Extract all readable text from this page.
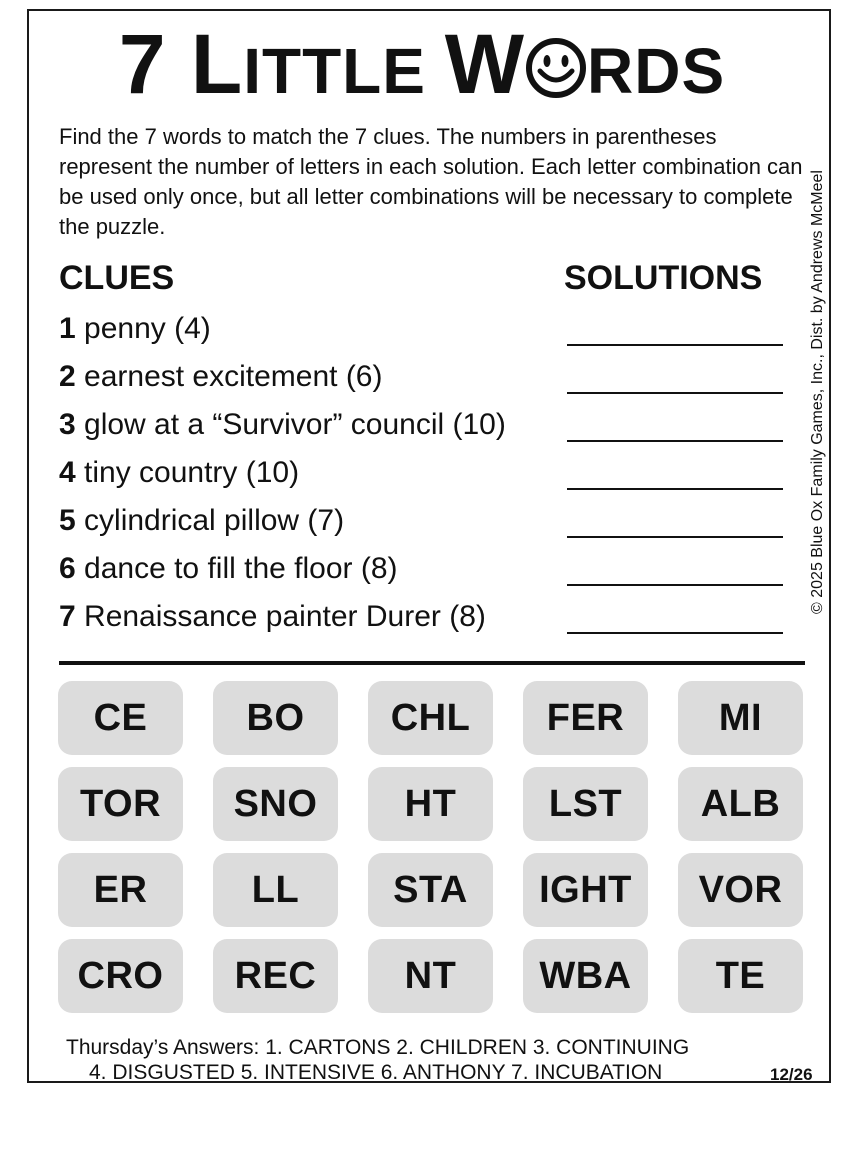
7 LITTLE W RDS

Find the 7 words to match the 7 clues. The numbers in parentheses represent the number of letters in each solution. Each letter combination can be used only once, but all letter combinations will be necessary to complete the puzzle.	© 2025 Blue Ox Family Games, Inc., Dist. by Andrews McMeel
CLUES	SOLUTIONS
1 penny (4)
2 earnest excitement (6)
3 glow at a “Survivor” council (10)
4 tiny country (10)
5 cylindrical pillow (7)
6 dance to fill the floor (8)
7 Renaissance painter Durer (8)
CE	BO	CHL	FER	MI
TOR	SNO	HT	LST	ALB
ER	LL	STA	IGHT	VOR
CRO	REC	NT	WBA	TE
Thursday’s Answers: 1. CARTONS 2. CHILDREN 3. CONTINUING
4. DISGUSTED 5. INTENSIVE 6. ANTHONY 7. INCUBATION	12/26
